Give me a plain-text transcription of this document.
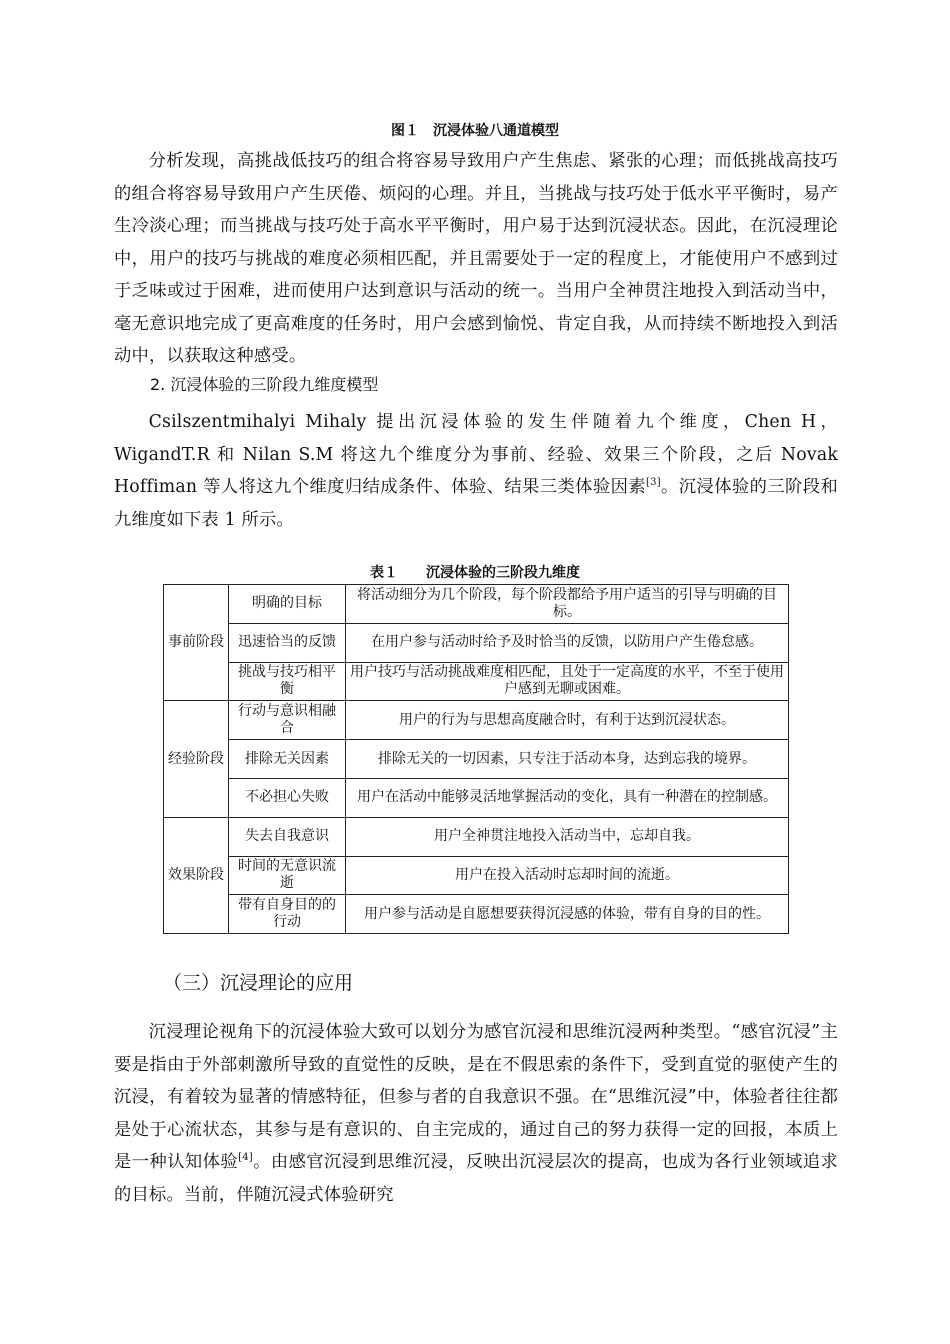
图１　沉浸体验八通道模型

分析发现，高挑战低技巧的组合将容易导致用户产生焦虑、紧张的心理；而低挑战高技巧的组合将容易导致用户产生厌倦、烦闷的心理。并且，当挑战与技巧处于低水平平衡时，易产生冷淡心理；而当挑战与技巧处于高水平平衡时，用户易于达到沉浸状态。因此，在沉浸理论中，用户的技巧与挑战的难度必须相匹配，并且需要处于一定的程度上，才能使用户不感到过于乏味或过于困难，进而使用户达到意识与活动的统一。当用户全神贯注地投入到活动当中，毫无意识地完成了更高难度的任务时，用户会感到愉悦、肯定自我，从而持续不断地投入到活动中，以获取这种感受。

2. 沉浸体验的三阶段九维度模型

Csilszentmihalyi Mihaly 提出沉浸体验的发生伴随着九个维度，Chen H，WigandT.R 和 Nilan S.M 将这九个维度分为事前、经验、效果三个阶段，之后 Novak Hoffiman 等人将这九个维度归结成条件、体验、结果三类体验因素[3]。沉浸体验的三阶段和九维度如下表 1 所示。

表１　　沉浸体验的三阶段九维度
事前阶段	明确的目标	将活动细分为几个阶段，每个阶段都给予用户适当的引导与明确的目标。
	迅速恰当的反馈	在用户参与活动时给予及时恰当的反馈，以防用户产生倦怠感。
	挑战与技巧相平衡	用户技巧与活动挑战难度相匹配，且处于一定高度的水平，不至于使用户感到无聊或困难。
经验阶段	行动与意识相融合	用户的行为与思想高度融合时，有利于达到沉浸状态。
	排除无关因素	排除无关的一切因素，只专注于活动本身，达到忘我的境界。
	不必担心失败	用户在活动中能够灵活地掌握活动的变化，具有一种潜在的控制感。
效果阶段	失去自我意识	用户全神贯注地投入活动当中，忘却自我。
	时间的无意识流逝	用户在投入活动时忘却时间的流逝。
	带有自身目的的行动	用户参与活动是自愿想要获得沉浸感的体验，带有自身的目的性。
（三）沉浸理论的应用

沉浸理论视角下的沉浸体验大致可以划分为感官沉浸和思维沉浸两种类型。“感官沉浸”主要是指由于外部刺激所导致的直觉性的反映，是在不假思索的条件下，受到直觉的驱使产生的沉浸，有着较为显著的情感特征，但参与者的自我意识不强。在“思维沉浸”中，体验者往往都是处于心流状态，其参与是有意识的、自主完成的，通过自己的努力获得一定的回报，本质上是一种认知体验[4]。由感官沉浸到思维沉浸，反映出沉浸层次的提高，也成为各行业领域追求的目标。当前，伴随沉浸式体验研究
